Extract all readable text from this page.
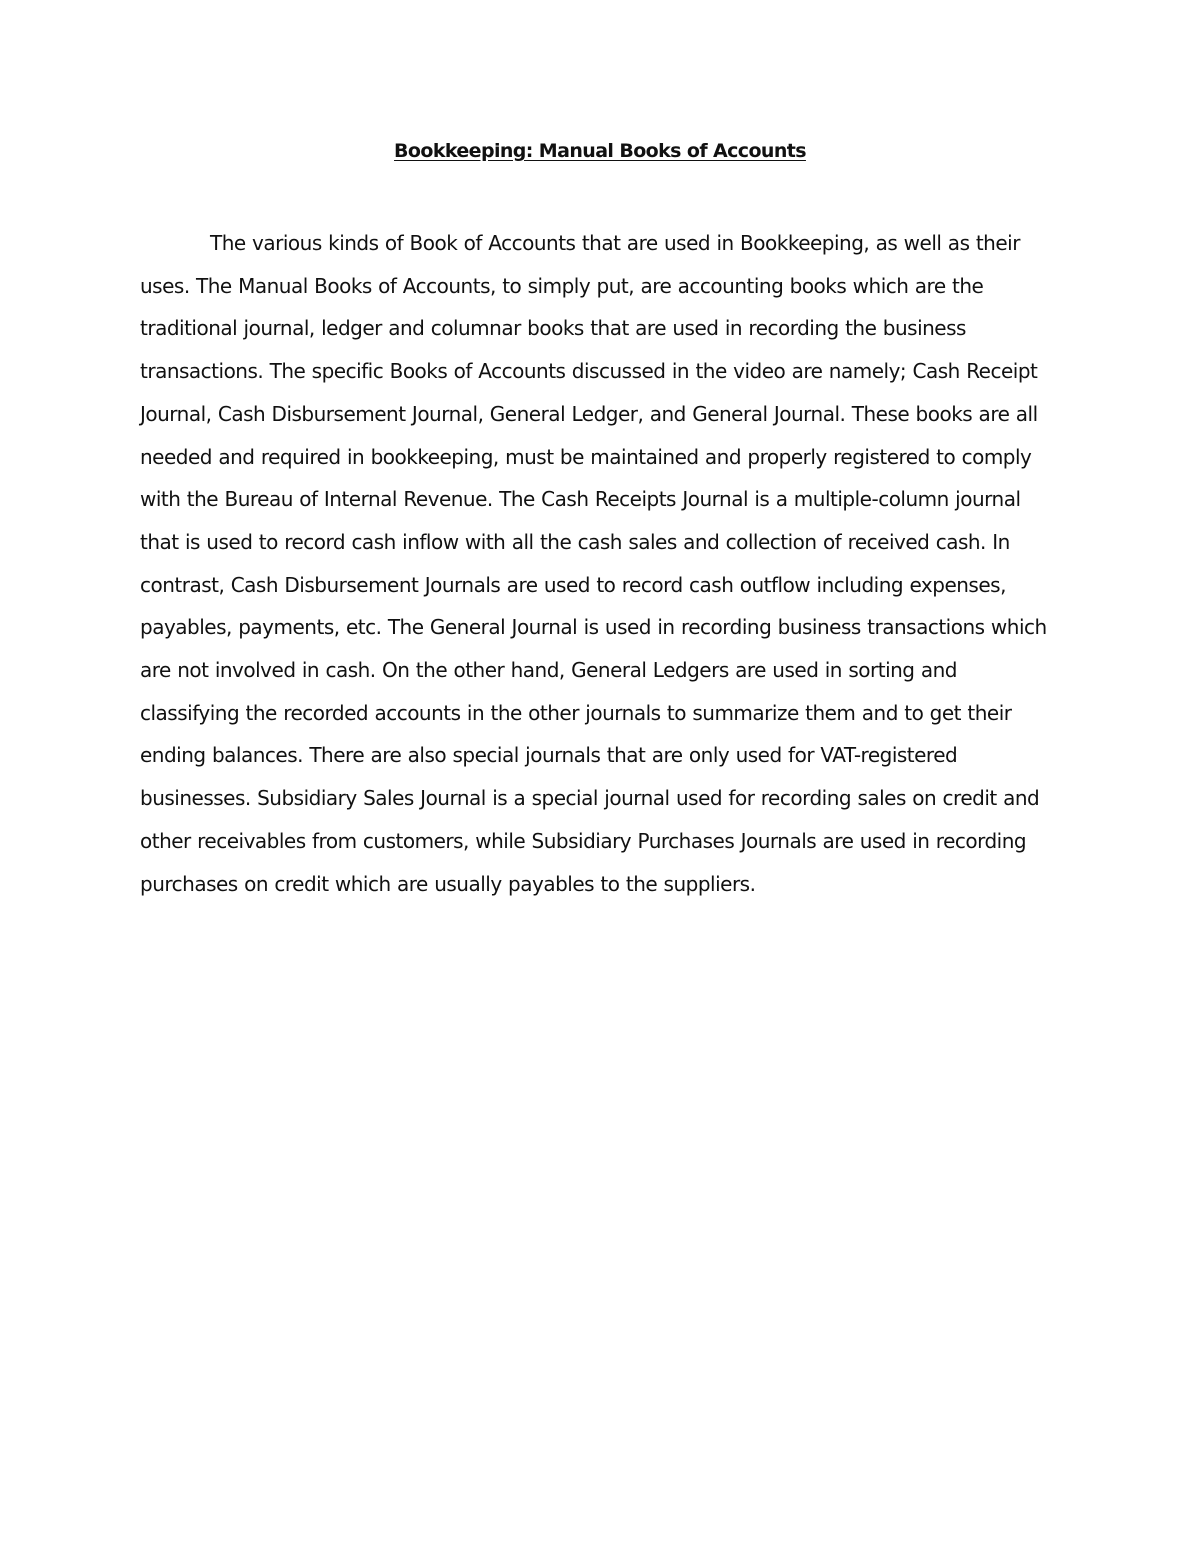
Bookkeeping: Manual Books of Accounts

The various kinds of Book of Accounts that are used in Bookkeeping, as well as their uses. The Manual Books of Accounts, to simply put, are accounting books which are the traditional journal, ledger and columnar books that are used in recording the business transactions. The specific Books of Accounts discussed in the video are namely; Cash Receipt Journal, Cash Disbursement Journal, General Ledger, and General Journal. These books are all needed and required in bookkeeping, must be maintained and properly registered to comply with the Bureau of Internal Revenue. The Cash Receipts Journal is a multiple-column journal that is used to record cash inflow with all the cash sales and collection of received cash. In contrast, Cash Disbursement Journals are used to record cash outflow including expenses, payables, payments, etc. The General Journal is used in recording business transactions which are not involved in cash. On the other hand, General Ledgers are used in sorting and classifying the recorded accounts in the other journals to summarize them and to get their ending balances. There are also special journals that are only used for VAT-registered businesses. Subsidiary Sales Journal is a special journal used for recording sales on credit and other receivables from customers, while Subsidiary Purchases Journals are used in recording purchases on credit which are usually payables to the suppliers.
